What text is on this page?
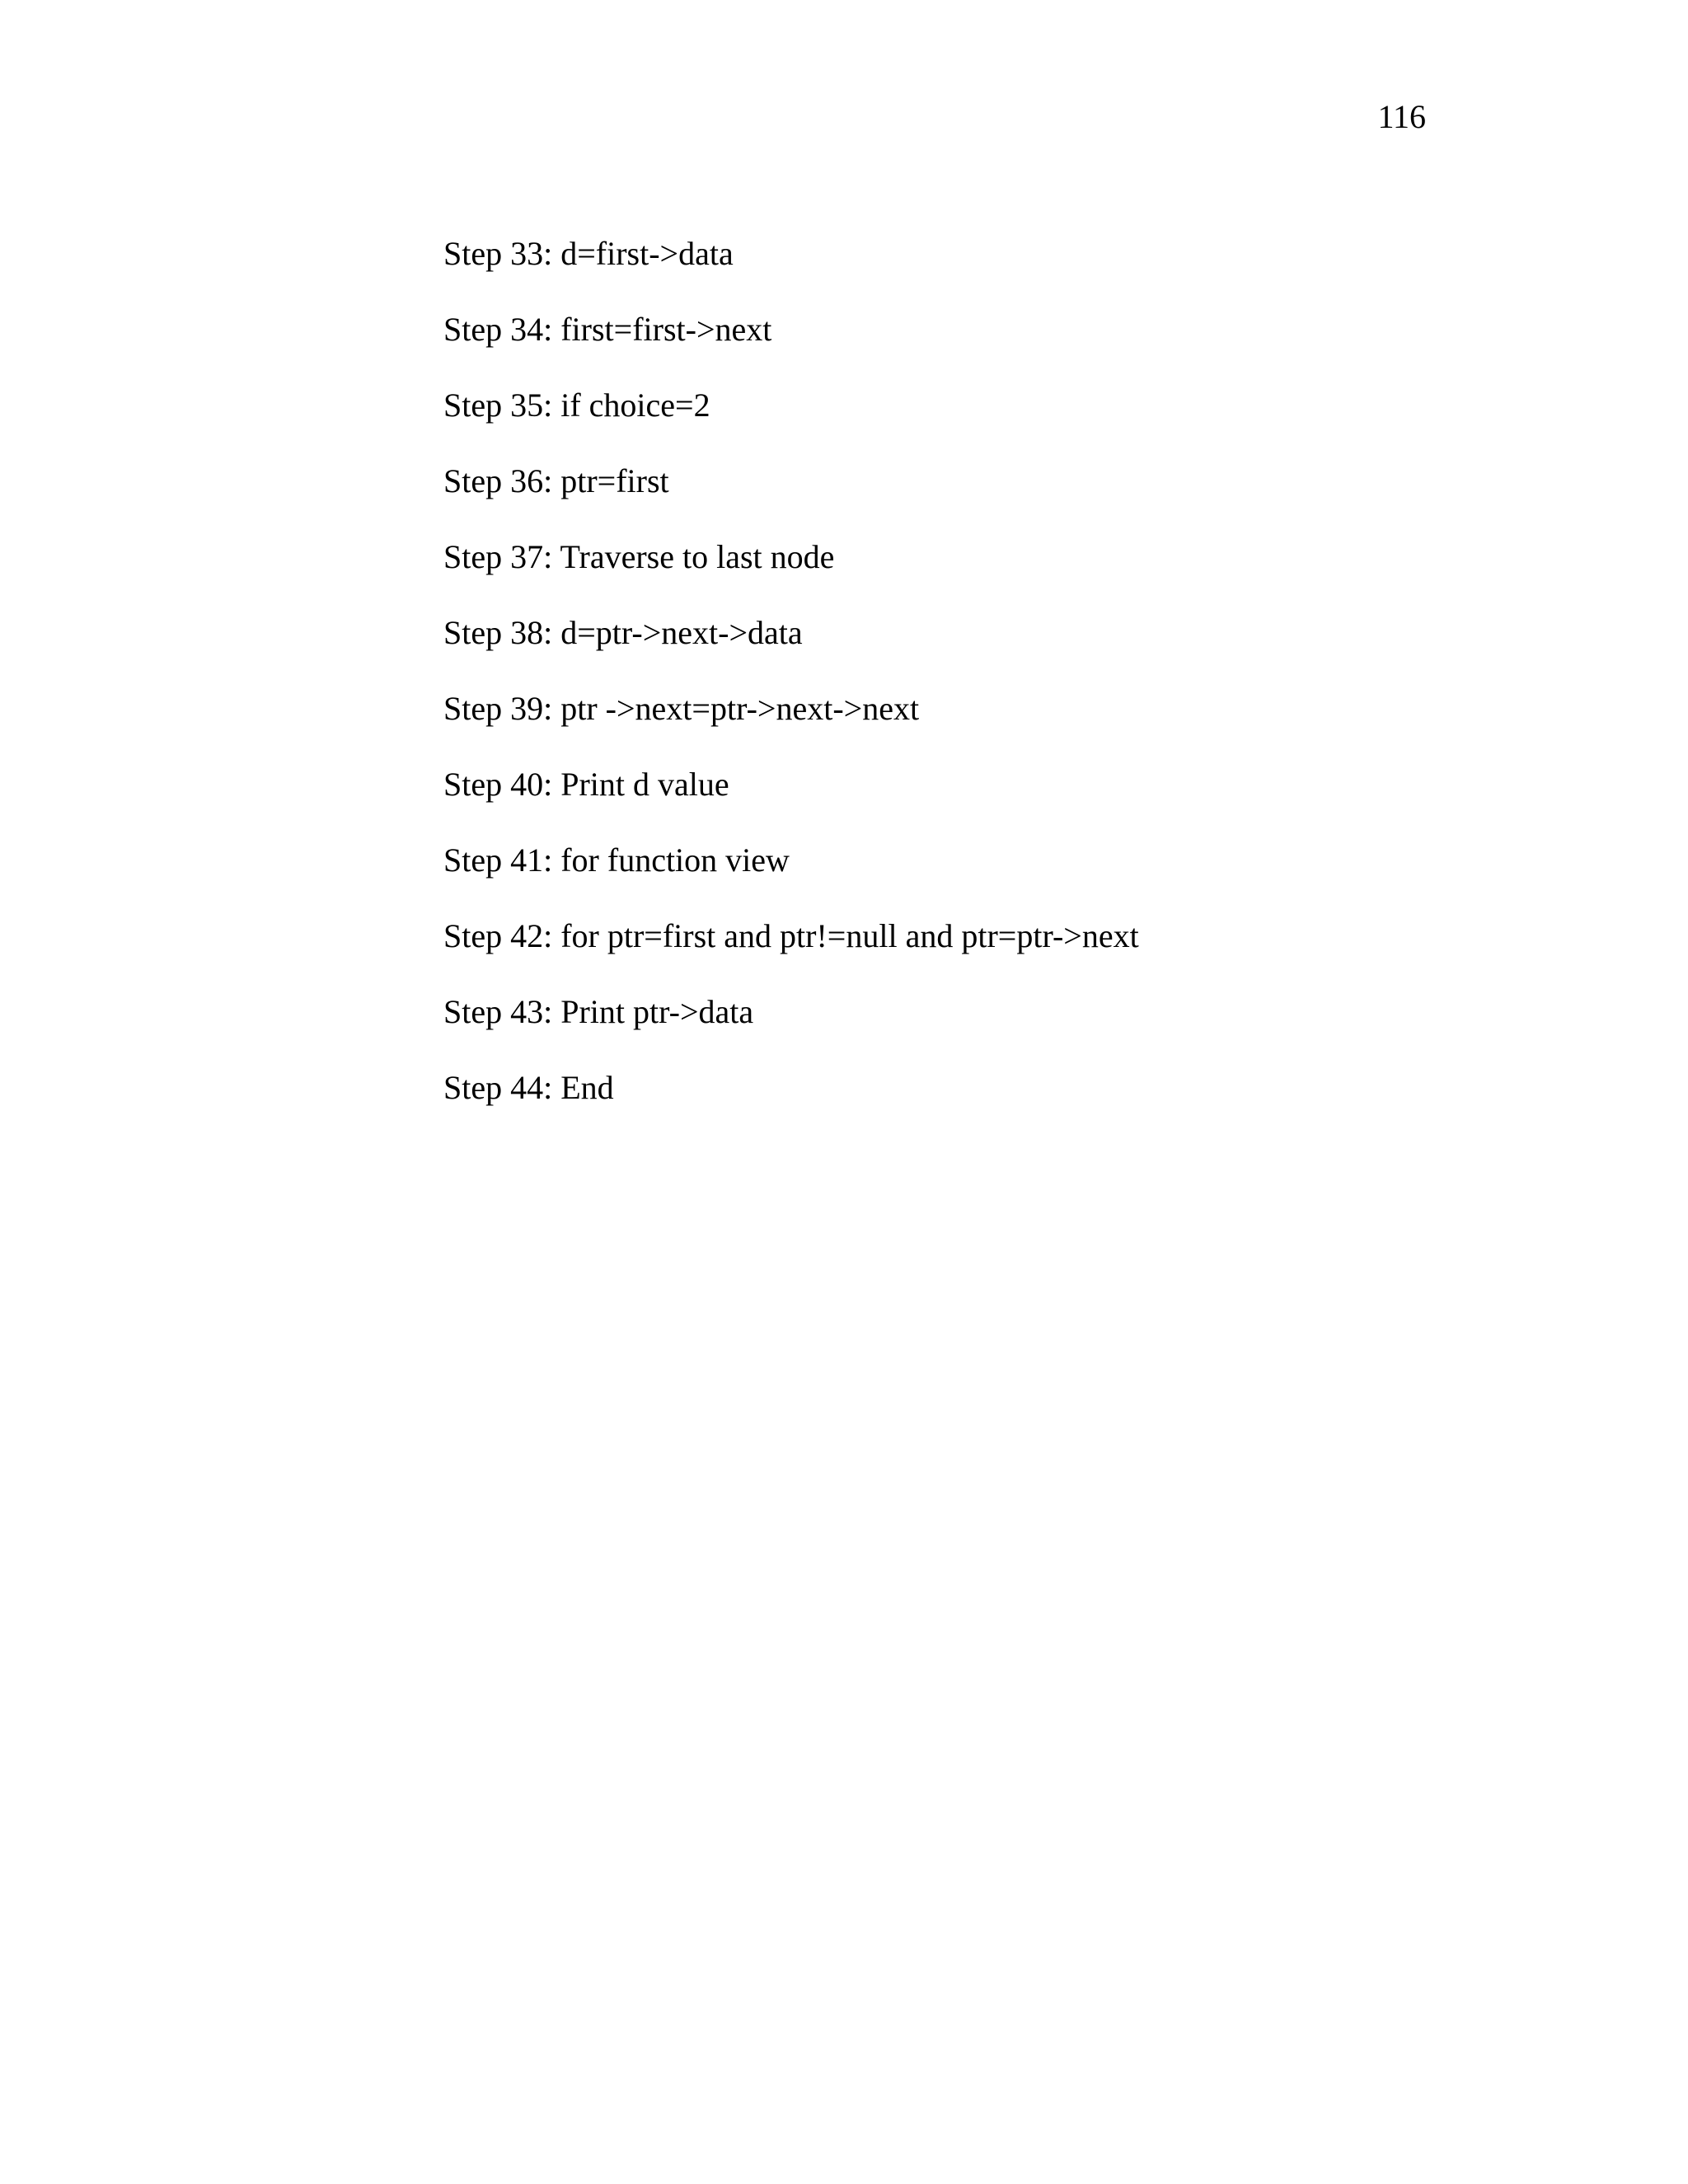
116
Step 33: d=first->data
Step 34: first=first->next
Step 35: if choice=2
Step 36: ptr=first
Step 37: Traverse to last node
Step 38: d=ptr->next->data
Step 39: ptr ->next=ptr->next->next
Step 40: Print d value
Step 41: for function view
Step 42: for ptr=first and ptr!=null and ptr=ptr->next
Step 43: Print ptr->data
Step 44: End
